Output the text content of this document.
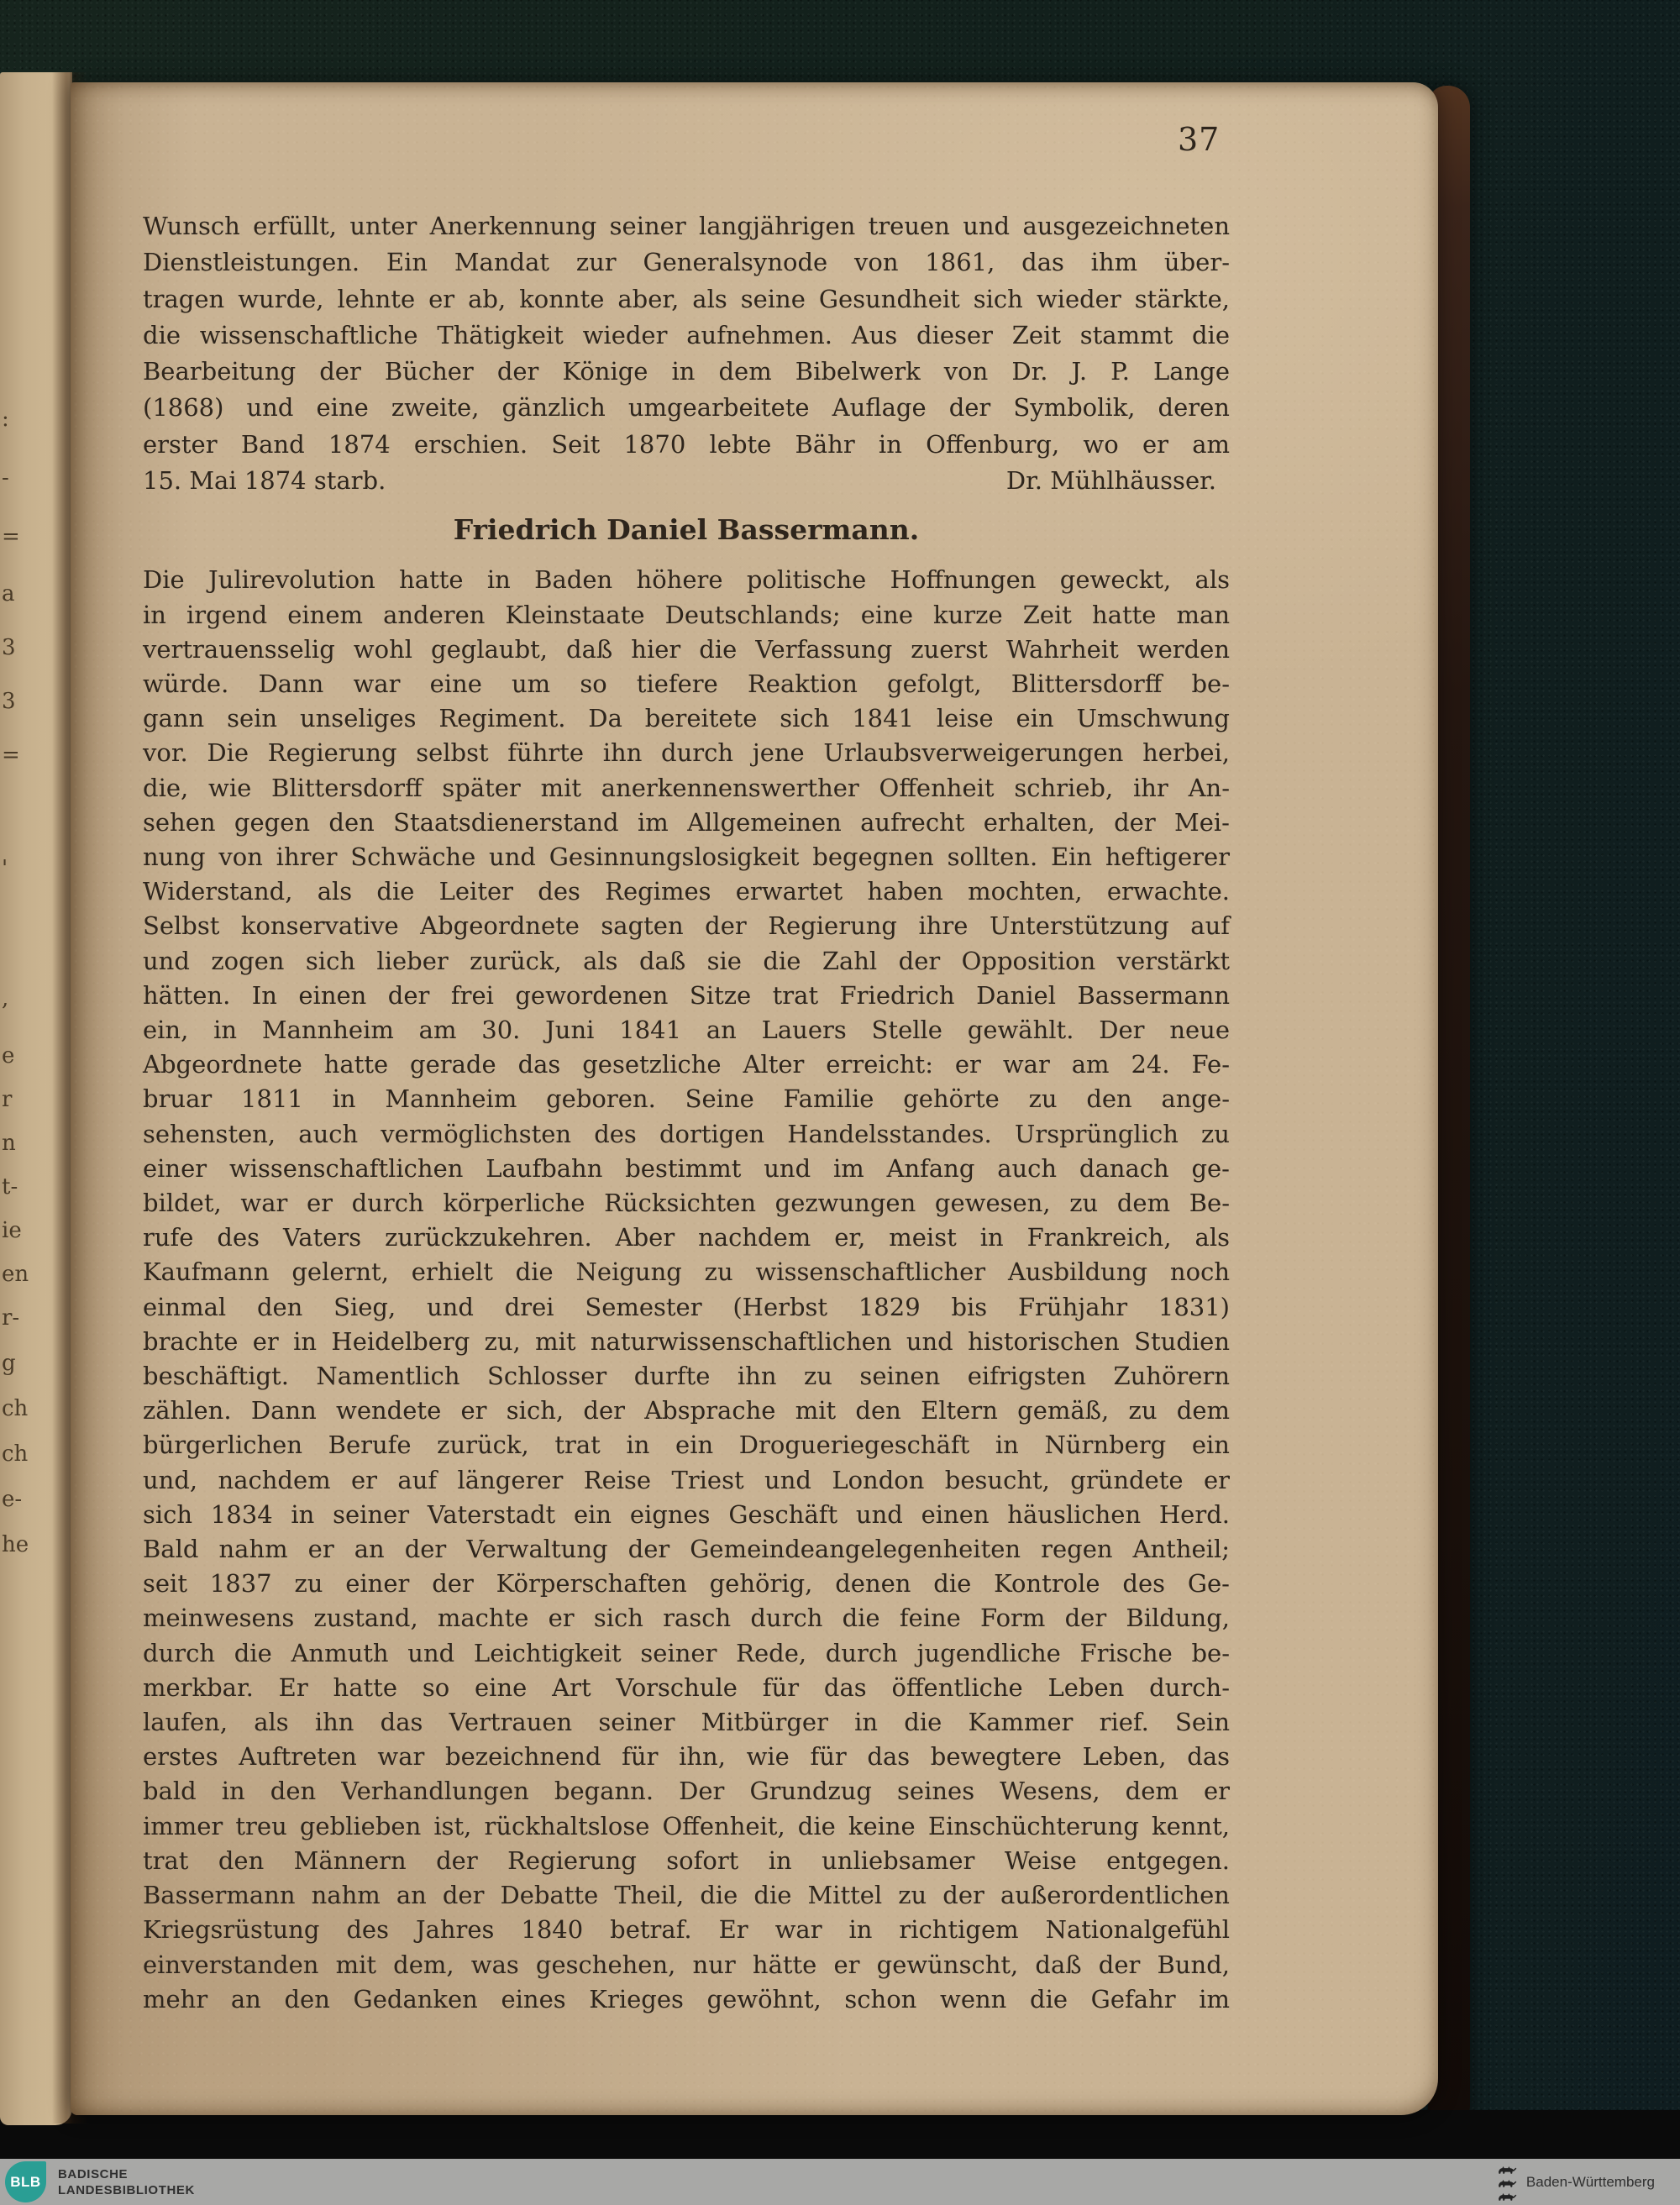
:
-
=
a
3
3
=
'
,
e
r
n
t-
ie
en
r-
g
ch
ch
e-
he
37
Wunsch erfüllt, unter Anerkennung seiner langjährigen treuen und ausgezeichneten
Dienstleistungen. Ein Mandat zur Generalsynode von 1861, das ihm über-
tragen wurde, lehnte er ab, konnte aber, als seine Gesundheit sich wieder stärkte,
die wissenschaftliche Thätigkeit wieder aufnehmen. Aus dieser Zeit stammt die
Bearbeitung der Bücher der Könige in dem Bibelwerk von Dr. J. P. Lange
(1868) und eine zweite, gänzlich umgearbeitete Auflage der Symbolik, deren
erster Band 1874 erschien. Seit 1870 lebte Bähr in Offenburg, wo er am
15. Mai 1874 starb.	Dr. Mühlhäusser.
Friedrich Daniel Bassermann.
Die Julirevolution hatte in Baden höhere politische Hoffnungen geweckt, als
in irgend einem anderen Kleinstaate Deutschlands; eine kurze Zeit hatte man
vertrauensselig wohl geglaubt, daß hier die Verfassung zuerst Wahrheit werden
würde. Dann war eine um so tiefere Reaktion gefolgt, Blittersdorff be-
gann sein unseliges Regiment. Da bereitete sich 1841 leise ein Umschwung
vor. Die Regierung selbst führte ihn durch jene Urlaubsverweigerungen herbei,
die, wie Blittersdorff später mit anerkennenswerther Offenheit schrieb, ihr An-
sehen gegen den Staatsdienerstand im Allgemeinen aufrecht erhalten, der Mei-
nung von ihrer Schwäche und Gesinnungslosigkeit begegnen sollten. Ein heftigerer
Widerstand, als die Leiter des Regimes erwartet haben mochten, erwachte.
Selbst konservative Abgeordnete sagten der Regierung ihre Unterstützung auf
und zogen sich lieber zurück, als daß sie die Zahl der Opposition verstärkt
hätten. In einen der frei gewordenen Sitze trat Friedrich Daniel Bassermann
ein, in Mannheim am 30. Juni 1841 an Lauers Stelle gewählt. Der neue
Abgeordnete hatte gerade das gesetzliche Alter erreicht: er war am 24. Fe-
bruar 1811 in Mannheim geboren. Seine Familie gehörte zu den ange-
sehensten, auch vermöglichsten des dortigen Handelsstandes. Ursprünglich zu
einer wissenschaftlichen Laufbahn bestimmt und im Anfang auch danach ge-
bildet, war er durch körperliche Rücksichten gezwungen gewesen, zu dem Be-
rufe des Vaters zurückzukehren. Aber nachdem er, meist in Frankreich, als
Kaufmann gelernt, erhielt die Neigung zu wissenschaftlicher Ausbildung noch
einmal den Sieg, und drei Semester (Herbst 1829 bis Frühjahr 1831)
brachte er in Heidelberg zu, mit naturwissenschaftlichen und historischen Studien
beschäftigt. Namentlich Schlosser durfte ihn zu seinen eifrigsten Zuhörern
zählen. Dann wendete er sich, der Absprache mit den Eltern gemäß, zu dem
bürgerlichen Berufe zurück, trat in ein Drogueriegeschäft in Nürnberg ein
und, nachdem er auf längerer Reise Triest und London besucht, gründete er
sich 1834 in seiner Vaterstadt ein eignes Geschäft und einen häuslichen Herd.
Bald nahm er an der Verwaltung der Gemeindeangelegenheiten regen Antheil;
seit 1837 zu einer der Körperschaften gehörig, denen die Kontrole des Ge-
meinwesens zustand, machte er sich rasch durch die feine Form der Bildung,
durch die Anmuth und Leichtigkeit seiner Rede, durch jugendliche Frische be-
merkbar. Er hatte so eine Art Vorschule für das öffentliche Leben durch-
laufen, als ihn das Vertrauen seiner Mitbürger in die Kammer rief. Sein
erstes Auftreten war bezeichnend für ihn, wie für das bewegtere Leben, das
bald in den Verhandlungen begann. Der Grundzug seines Wesens, dem er
immer treu geblieben ist, rückhaltslose Offenheit, die keine Einschüchterung kennt,
trat den Männern der Regierung sofort in unliebsamer Weise entgegen.
Bassermann nahm an der Debatte Theil, die die Mittel zu der außerordentlichen
Kriegsrüstung des Jahres 1840 betraf. Er war in richtigem Nationalgefühl
einverstanden mit dem, was geschehen, nur hätte er gewünscht, daß der Bund,
mehr an den Gedanken eines Krieges gewöhnt, schon wenn die Gefahr im
BLB	BADISCHE
LANDESBIBLIOTHEK
Baden-Württemberg
